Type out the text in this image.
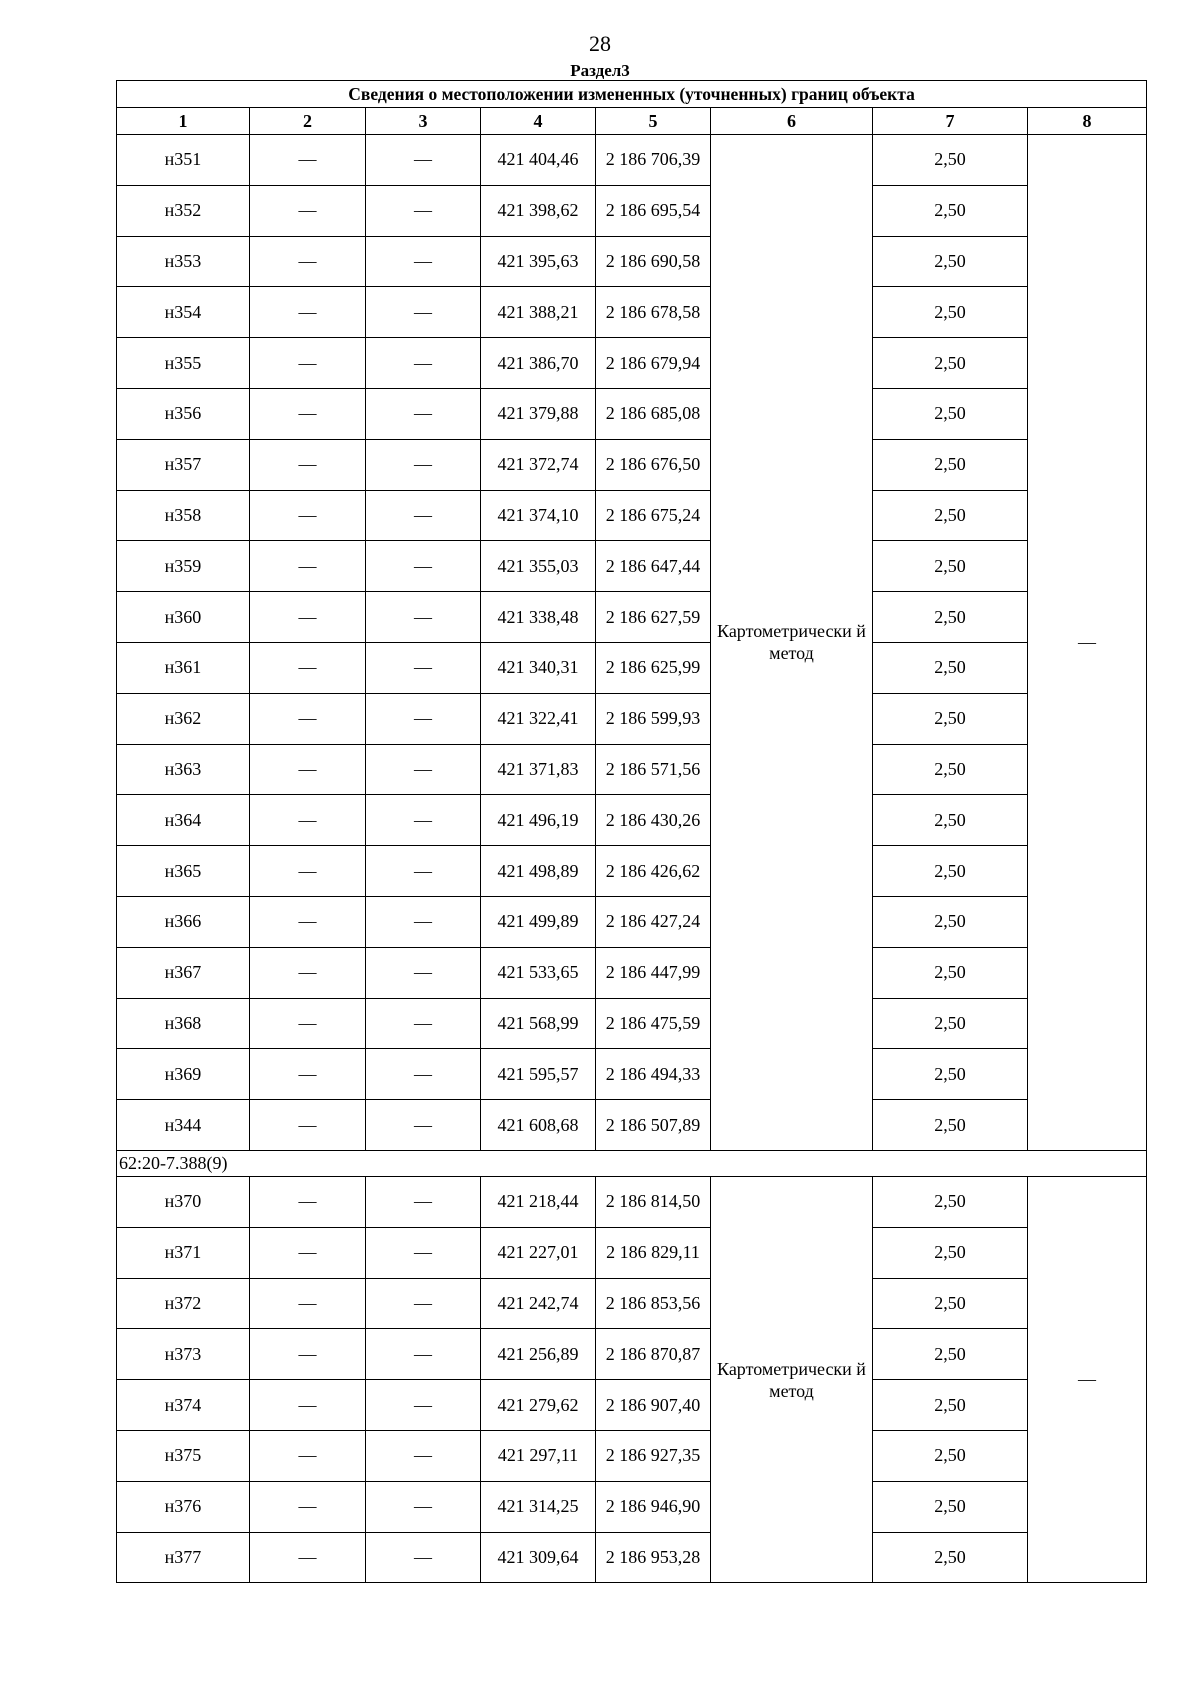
28
Раздел3
Сведения о местоположении измененных (уточненных) границ объекта							
1	2	3	4	5	6	7	8
н351	—	—	421 404,46	2 186 706,39	Картометрически й метод	2,50	—
н352	—	—	421 398,62	2 186 695,54		2,50	
н353	—	—	421 395,63	2 186 690,58		2,50	
н354	—	—	421 388,21	2 186 678,58		2,50	
н355	—	—	421 386,70	2 186 679,94		2,50	
н356	—	—	421 379,88	2 186 685,08		2,50	
н357	—	—	421 372,74	2 186 676,50		2,50	
н358	—	—	421 374,10	2 186 675,24		2,50	
н359	—	—	421 355,03	2 186 647,44		2,50	
н360	—	—	421 338,48	2 186 627,59		2,50	
н361	—	—	421 340,31	2 186 625,99		2,50	
н362	—	—	421 322,41	2 186 599,93		2,50	
н363	—	—	421 371,83	2 186 571,56		2,50	
н364	—	—	421 496,19	2 186 430,26		2,50	
н365	—	—	421 498,89	2 186 426,62		2,50	
н366	—	—	421 499,89	2 186 427,24		2,50	
н367	—	—	421 533,65	2 186 447,99		2,50	
н368	—	—	421 568,99	2 186 475,59		2,50	
н369	—	—	421 595,57	2 186 494,33		2,50	
н344	—	—	421 608,68	2 186 507,89		2,50	
62:20-7.388(9)							
н370	—	—	421 218,44	2 186 814,50	Картометрически й метод	2,50	—
н371	—	—	421 227,01	2 186 829,11		2,50	
н372	—	—	421 242,74	2 186 853,56		2,50	
н373	—	—	421 256,89	2 186 870,87		2,50	
н374	—	—	421 279,62	2 186 907,40		2,50	
н375	—	—	421 297,11	2 186 927,35		2,50	
н376	—	—	421 314,25	2 186 946,90		2,50	
н377	—	—	421 309,64	2 186 953,28		2,50	
